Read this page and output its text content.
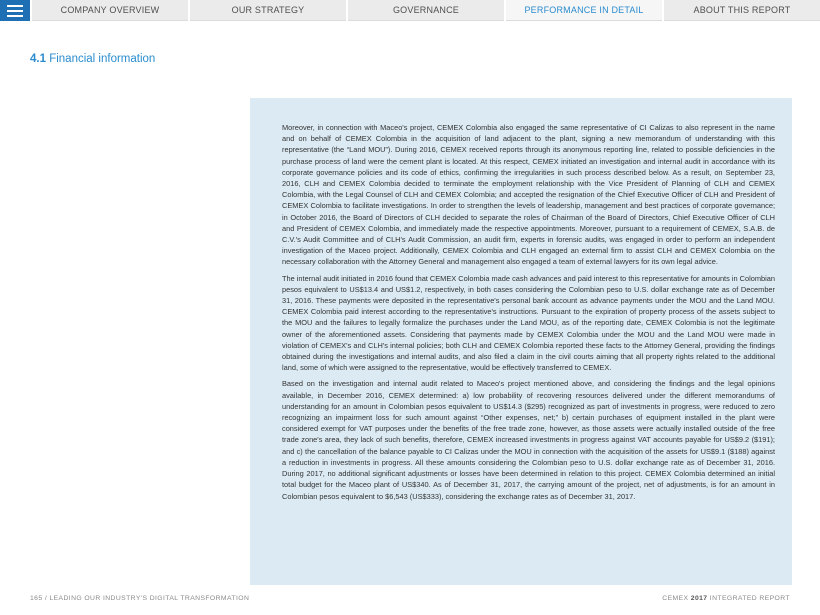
COMPANY OVERVIEW	OUR STRATEGY	GOVERNANCE	PERFORMANCE IN DETAIL	ABOUT THIS REPORT
4.1 Financial information

Moreover, in connection with Maceo's project, CEMEX Colombia also engaged the same representative of CI Calizas to also represent in the name and on behalf of CEMEX Colombia in the acquisition of land adjacent to the plant, signing a new memorandum of understanding with this representative (the “Land MOU”). During 2016, CEMEX received reports through its anonymous reporting line, related to possible deficiencies in the purchase process of land were the cement plant is located. At this respect, CEMEX initiated an investigation and internal audit in accordance with its corporate governance policies and its code of ethics, confirming the irregularities in such process described below. As a result, on September 23, 2016, CLH and CEMEX Colombia decided to terminate the employment relationship with the Vice President of Planning of CLH and CEMEX Colombia, with the Legal Counsel of CLH and CEMEX Colombia; and accepted the resignation of the Chief Executive Officer of CLH and President of CEMEX Colombia to facilitate investigations. In order to strengthen the levels of leadership, management and best practices of corporate governance; in October 2016, the Board of Directors of CLH decided to separate the roles of Chairman of the Board of Directors, Chief Executive Officer of CLH and President of CEMEX Colombia, and immediately made the respective appointments. Moreover, pursuant to a requirement of CEMEX, S.A.B. de C.V.'s Audit Committee and of CLH's Audit Commission, an audit firm, experts in forensic audits, was engaged in order to perform an independent investigation of the Maceo project. Additionally, CEMEX Colombia and CLH engaged an external firm to assist CLH and CEMEX Colombia on the necessary collaboration with the Attorney General and management also engaged a team of external lawyers for its own legal advice.

The internal audit initiated in 2016 found that CEMEX Colombia made cash advances and paid interest to this representative for amounts in Colombian pesos equivalent to US$13.4 and US$1.2, respectively, in both cases considering the Colombian peso to U.S. dollar exchange rate as of December 31, 2016. These payments were deposited in the representative's personal bank account as advance payments under the MOU and the Land MOU. CEMEX Colombia paid interest according to the representative's instructions. Pursuant to the expiration of property process of the assets subject to the MOU and the failures to legally formalize the purchases under the Land MOU, as of the reporting date, CEMEX Colombia is not the legitimate owner of the aforementioned assets. Considering that payments made by CEMEX Colombia under the MOU and the Land MOU were made in violation of CEMEX's and CLH's internal policies; both CLH and CEMEX Colombia reported these facts to the Attorney General, providing the findings obtained during the investigations and internal audits, and also filed a claim in the civil courts aiming that all property rights related to the additional land, some of which were assigned to the representative, would be effectively transferred to CEMEX.

Based on the investigation and internal audit related to Maceo's project mentioned above, and considering the findings and the legal opinions available, in December 2016, CEMEX determined: a) low probability of recovering resources delivered under the different memorandums of understanding for an amount in Colombian pesos equivalent to US$14.3 ($295) recognized as part of investments in progress, were reduced to zero recognizing an impairment loss for such amount against “Other expenses, net;” b) certain purchases of equipment installed in the plant were considered exempt for VAT purposes under the benefits of the free trade zone, however, as those assets were actually installed outside of the free trade zone's area, they lack of such benefits, therefore, CEMEX increased investments in progress against VAT accounts payable for US$9.2 ($191); and c) the cancellation of the balance payable to CI Calizas under the MOU in connection with the acquisition of the assets for US$9.1 ($188) against a reduction in investments in progress. All these amounts considering the Colombian peso to U.S. dollar exchange rate as of December 31, 2016. During 2017, no additional significant adjustments or losses have been determined in relation to this project. CEMEX Colombia determined an initial total budget for the Maceo plant of US$340. As of December 31, 2017, the carrying amount of the project, net of adjustments, is for an amount in Colombian pesos equivalent to $6,543 (US$333), considering the exchange rates as of December 31, 2017.

165 / LEADING OUR INDUSTRY'S DIGITAL TRANSFORMATION	CEMEX 2017 INTEGRATED REPORT
